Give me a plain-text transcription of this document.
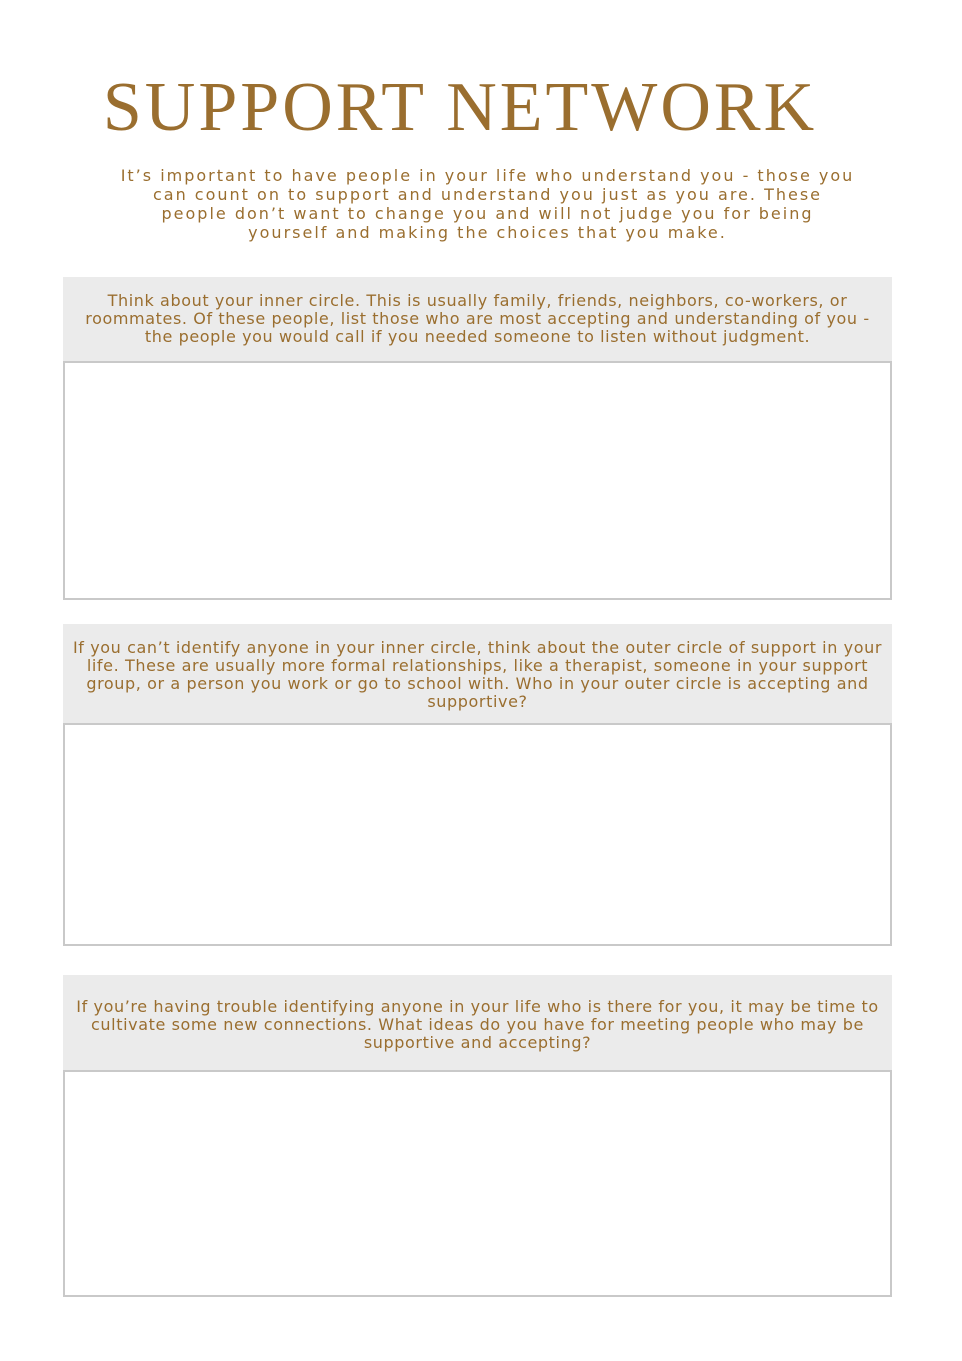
SUPPORT NETWORK

It’s important to have people in your life who understand you - those you can count on to support and understand you just as you are. These people don’t want to change you and will not judge you for being yourself and making the choices that you make.

Think about your inner circle. This is usually family, friends, neighbors, co-workers, or roommates. Of these people, list those who are most accepting and understanding of you - the people you would call if you needed someone to listen without judgment.

If you can’t identify anyone in your inner circle, think about the outer circle of support in your life. These are usually more formal relationships, like a therapist, someone in your support group, or a person you work or go to school with. Who in your outer circle is accepting and supportive?

If you’re having trouble identifying anyone in your life who is there for you, it may be time to cultivate some new connections. What ideas do you have for meeting people who may be supportive and accepting?
